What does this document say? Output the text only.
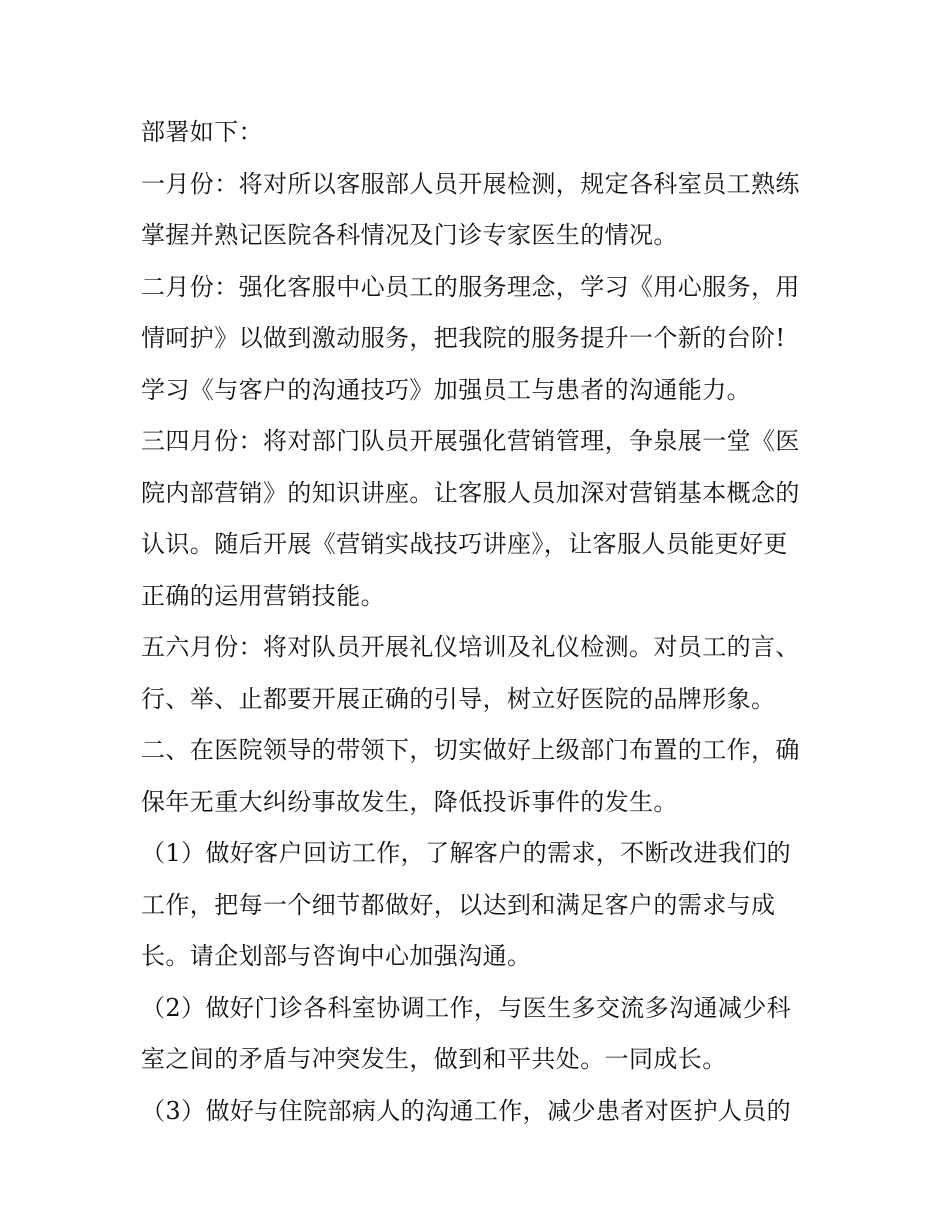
部署如下：
一月份：将对所以客服部人员开展检测，规定各科室员工熟练
掌握并熟记医院各科情况及门诊专家医生的情况。
二月份：强化客服中心员工的服务理念，学习《用心服务，用
情呵护》以做到激动服务，把我院的服务提升一个新的台阶!
学习《与客户的沟通技巧》加强员工与患者的沟通能力。
三四月份：将对部门队员开展强化营销管理，争泉展一堂《医
院内部营销》的知识讲座。让客服人员加深对营销基本概念的
认识。随后开展《营销实战技巧讲座》，让客服人员能更好更
正确的运用营销技能。
五六月份：将对队员开展礼仪培训及礼仪检测。对员工的言、
行、举、止都要开展正确的引导，树立好医院的品牌形象。
二、在医院领导的带领下，切实做好上级部门布置的工作，确
保年无重大纠纷事故发生，降低投诉事件的发生。
（1）做好客户回访工作，了解客户的需求，不断改进我们的
工作，把每一个细节都做好，以达到和满足客户的需求与成
长。请企划部与咨询中心加强沟通。
（2）做好门诊各科室协调工作，与医生多交流多沟通减少科
室之间的矛盾与冲突发生，做到和平共处。一同成长。
（3）做好与住院部病人的沟通工作，减少患者对医护人员的
